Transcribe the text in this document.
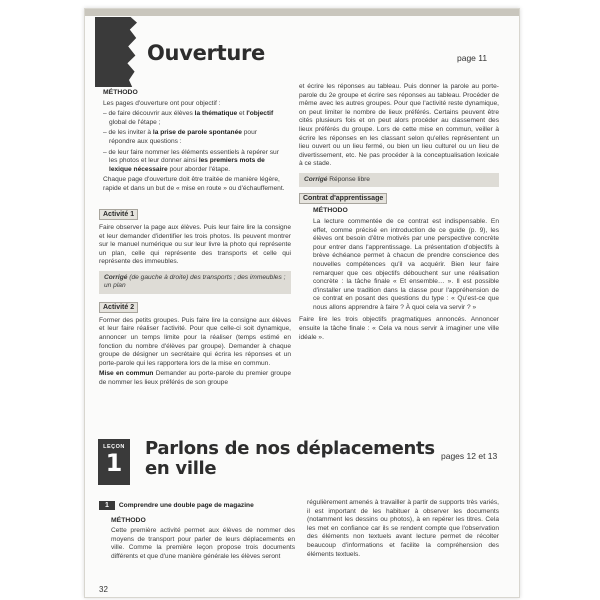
Ouverture	page 11
MÉTHODO

Les pages d'ouverture ont pour objectif :

– de faire découvrir aux élèves la thématique et l'objectif global de l'étape ;

– de les inviter à la prise de parole spontanée pour répondre aux questions :

– de leur faire nommer les éléments essentiels à repérer sur les photos et leur donner ainsi les premiers mots de lexique nécessaire pour aborder l'étape.

Chaque page d'ouverture doit être traitée de manière légère, rapide et dans un but de « mise en route » ou d'échauffement.

Activité 1

Faire observer la page aux élèves. Puis leur faire lire la consigne et leur demander d'identifier les trois photos. Ils peuvent montrer sur le manuel numérique ou sur leur livre la photo qui représente un plan, celle qui représente des transports et celle qui représente des immeubles.

Corrigé (de gauche à droite) des transports ; des immeubles ; un plan
Activité 2

Former des petits groupes. Puis faire lire la consigne aux élèves et leur faire réaliser l'activité. Pour que celle-ci soit dynamique, annoncer un temps limite pour la réaliser (temps estimé en fonction du nombre d'élèves par groupe). Demander à chaque groupe de désigner un secrétaire qui écrira les réponses et un porte-parole qui les rapportera lors de la mise en commun.

Mise en commun Demander au porte-parole du premier groupe de nommer les lieux préférés de son groupe

et écrire les réponses au tableau. Puis donner la parole au porte-parole du 2e groupe et écrire ses réponses au tableau. Procéder de même avec les autres groupes. Pour que l'activité reste dynamique, on peut limiter le nombre de lieux préférés. Certains peuvent être cités plusieurs fois et on peut alors procéder au classement des lieux préférés du groupe. Lors de cette mise en commun, veiller à écrire les réponses en les classant selon qu'elles représentent un lieu ouvert ou un lieu fermé, ou bien un lieu culturel ou un lieu de divertissement, etc. Ne pas procéder à la conceptualisation lexicale à ce stade.

Corrigé Réponse libre
Contrat d'apprentissage
MÉTHODO

La lecture commentée de ce contrat est indispensable. En effet, comme précisé en introduction de ce guide (p. 9), les élèves ont besoin d'être motivés par une perspective concrète pour entrer dans l'apprentissage. La présentation d'objectifs à brève échéance permet à chacun de prendre conscience des nouvelles compétences qu'il va acquérir. Bien leur faire remarquer que ces objectifs débouchent sur une réalisation concrète : la tâche finale « Et ensemble… ». Il est possible d'installer une tradition dans la classe pour l'appréhension de ce contrat en posant des questions du type : « Qu'est-ce que nous allons apprendre à faire ? À quoi cela va servir ? »

Faire lire les trois objectifs pragmatiques annoncés. Annoncer ensuite la tâche finale : « Cela va nous servir à imaginer une ville idéale ».

LEÇON
1
Parlons de nos déplacements en ville
pages 12 et 13
1 Comprendre une double page de magazine
MÉTHODO

Cette première activité permet aux élèves de nommer des moyens de transport pour parler de leurs déplacements en ville. Comme la première leçon propose trois documents différents et que d'une manière générale les élèves seront

régulièrement amenés à travailler à partir de supports très variés, il est important de les habituer à observer les documents (notamment les dessins ou photos), à en repérer les titres. Cela les met en confiance car ils se rendent compte que l'observation des éléments non textuels avant lecture permet de récolter beaucoup d'informations et facilite la compréhension des éléments textuels.

32
